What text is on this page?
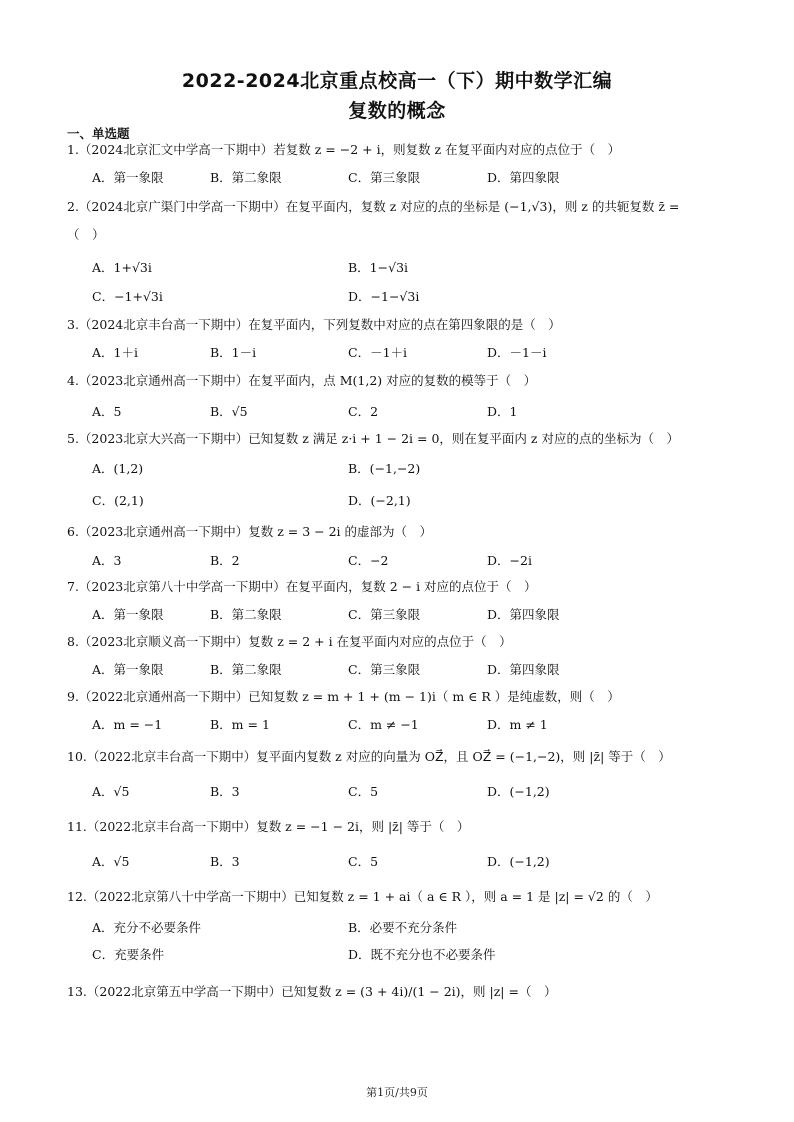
2022-2024北京重点校高一（下）期中数学汇编
复数的概念
一、单选题
1.（2024北京汇文中学高一下期中）若复数 z = −2 + i，则复数 z 在复平面内对应的点位于（　）
A．第一象限	B．第二象限	C．第三象限	D．第四象限
2.（2024北京广渠门中学高一下期中）在复平面内，复数 z 对应的点的坐标是 (−1,√3)，则 z 的共轭复数 z̄ =
（　）
A．1+√3i	B．1−√3i
C．−1+√3i	D．−1−√3i
3.（2024北京丰台高一下期中）在复平面内，下列复数中对应的点在第四象限的是（　）
A．1＋i	B．1－i	C．－1＋i	D．－1－i
4.（2023北京通州高一下期中）在复平面内，点 M(1,2) 对应的复数的模等于（　）
A．5	B．√5	C．2	D．1
5.（2023北京大兴高一下期中）已知复数 z 满足 z·i + 1 − 2i = 0，则在复平面内 z 对应的点的坐标为（　）
A．(1,2)	B．(−1,−2)
C．(2,1)	D．(−2,1)
6.（2023北京通州高一下期中）复数 z = 3 − 2i 的虚部为（　）
A．3	B．2	C．−2	D．−2i
7.（2023北京第八十中学高一下期中）在复平面内，复数 2 − i 对应的点位于（　）
A．第一象限	B．第二象限	C．第三象限	D．第四象限
8.（2023北京顺义高一下期中）复数 z = 2 + i 在复平面内对应的点位于（　）
A．第一象限	B．第二象限	C．第三象限	D．第四象限
9.（2022北京通州高一下期中）已知复数 z = m + 1 + (m − 1)i（ m ∈ R ）是纯虚数，则（　）
A．m = −1	B．m = 1	C．m ≠ −1	D．m ≠ 1
10.（2022北京丰台高一下期中）复平面内复数 z 对应的向量为 OZ⃗，且 OZ⃗ = (−1,−2)，则 |z̄| 等于（　）
A．√5	B．3	C．5	D．(−1,2)
11.（2022北京丰台高一下期中）复数 z = −1 − 2i，则 |z̄| 等于（　）
A．√5	B．3	C．5	D．(−1,2)
12.（2022北京第八十中学高一下期中）已知复数 z = 1 + ai（ a ∈ R ），则 a = 1 是 |z| = √2 的（　）
A．充分不必要条件	B．必要不充分条件
C．充要条件	D．既不充分也不必要条件
13.（2022北京第五中学高一下期中）已知复数 z = (3 + 4i)/(1 − 2i)，则 |z| =（　）
第1页/共9页
